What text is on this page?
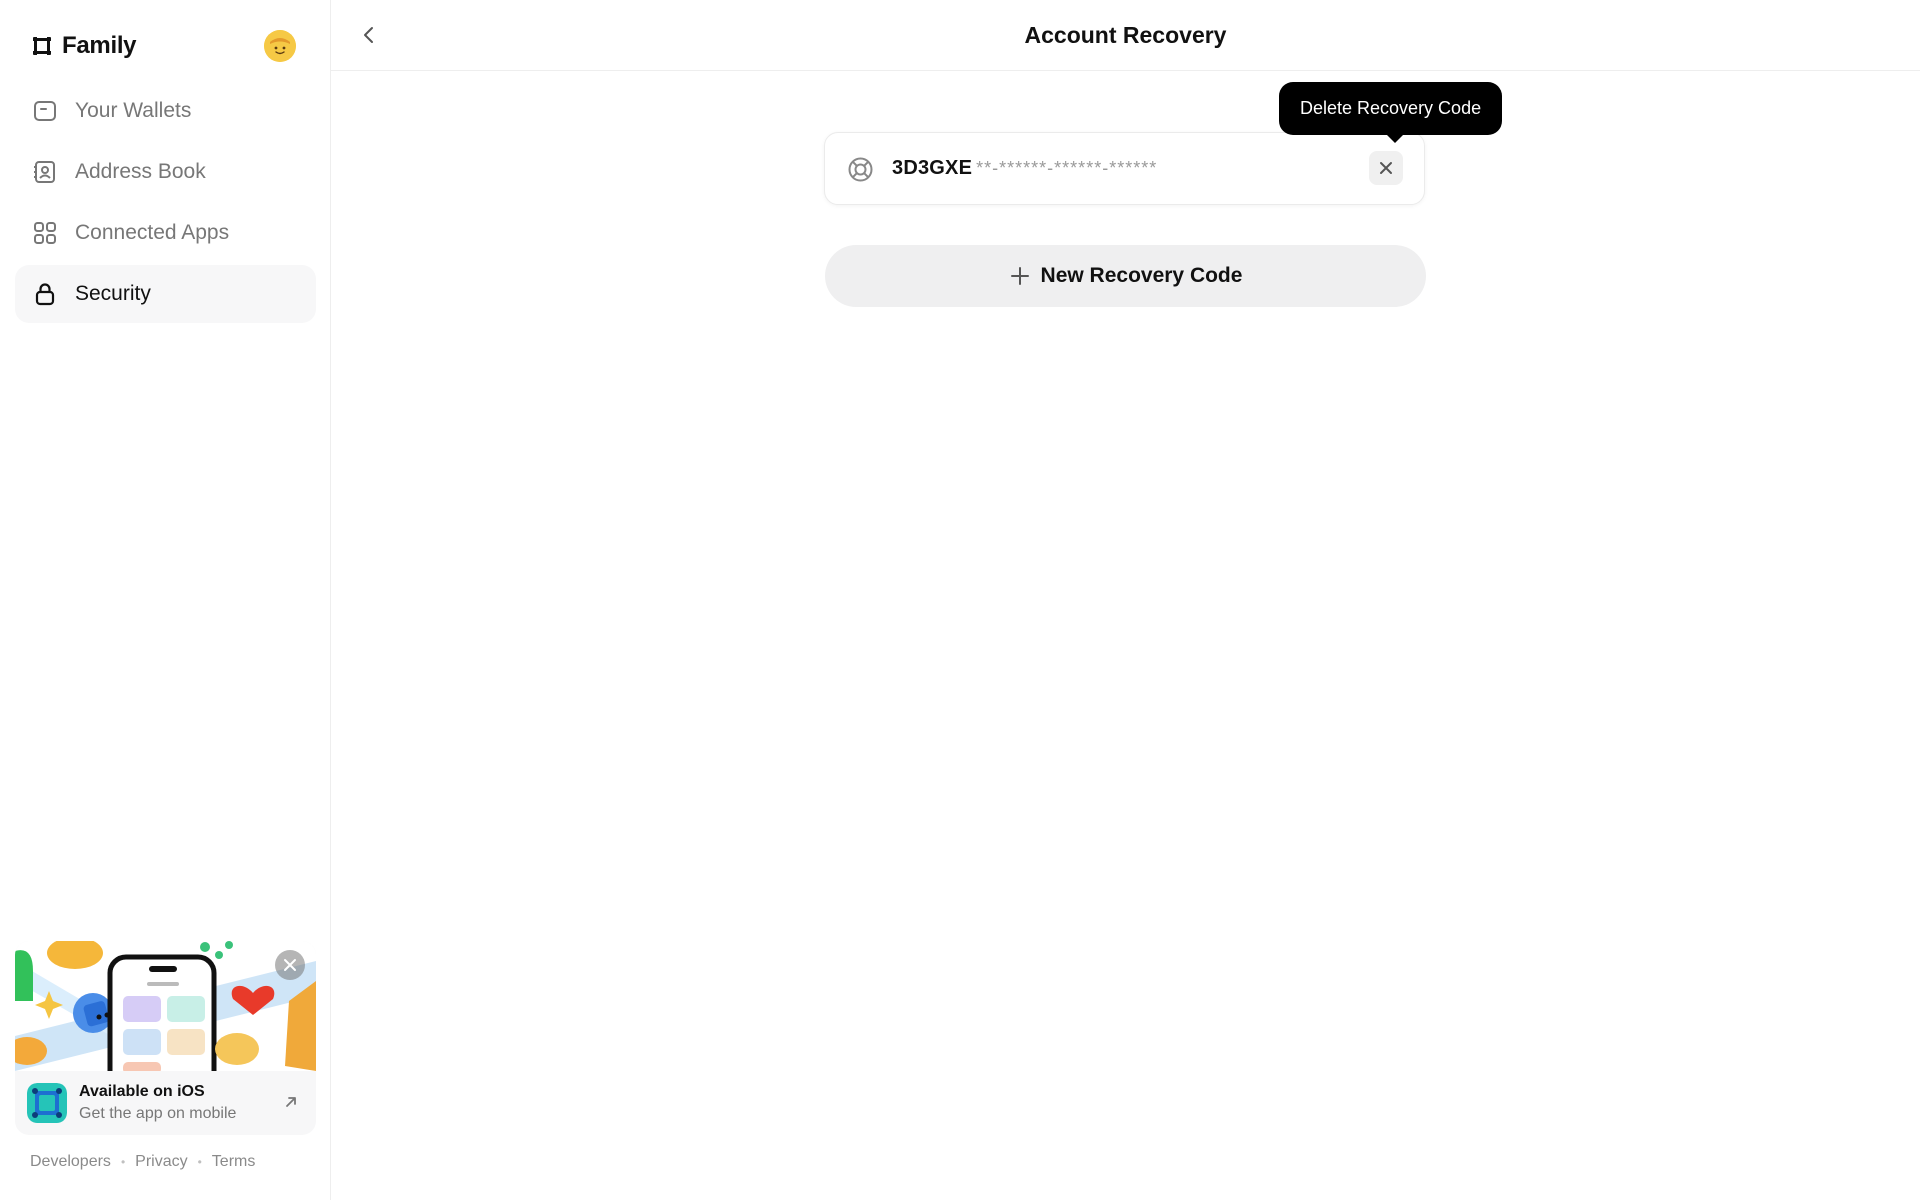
Family
Your Wallets
Address Book
Connected Apps
Security
Available on iOS
Get the app on mobile
Developers • Privacy • Terms
Account Recovery
3D3GXE **-******-******-******
Delete Recovery Code
New Recovery Code
